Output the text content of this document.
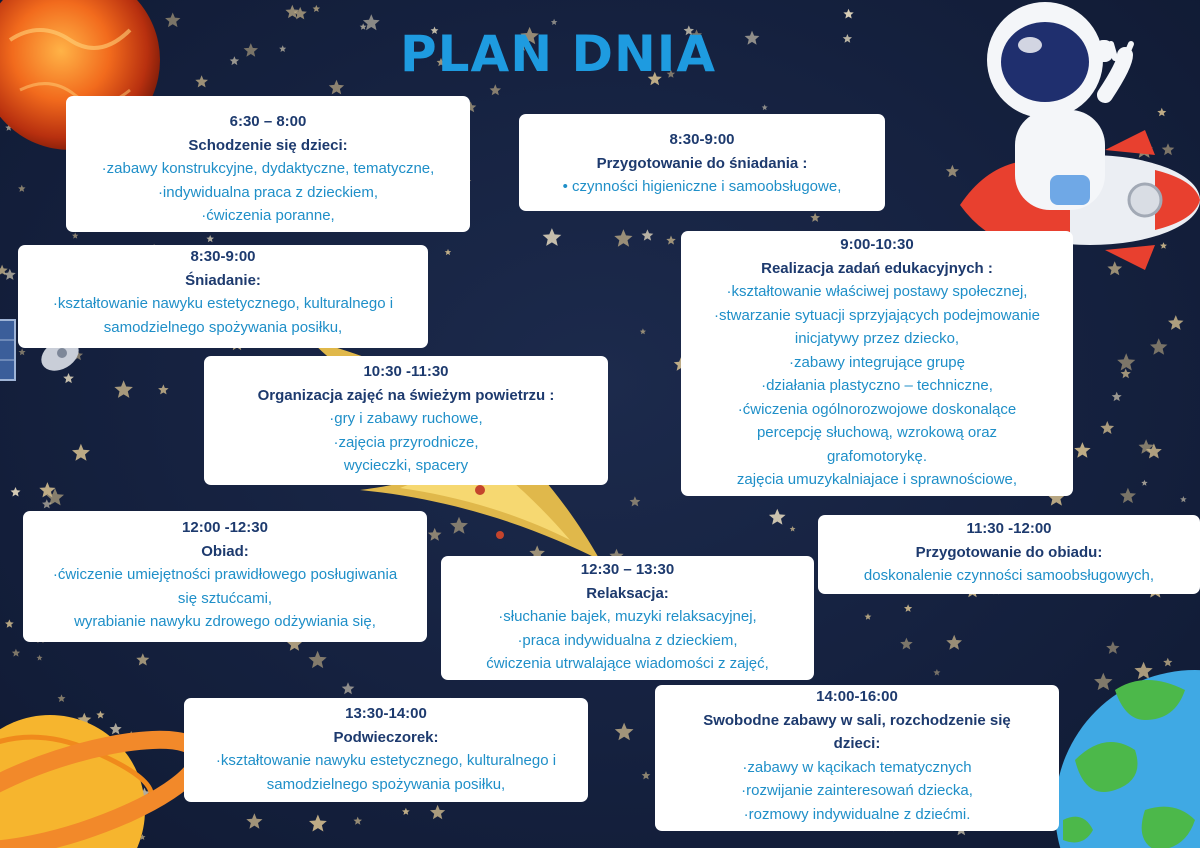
PLAN DNIA
6:30 – 8:00
Schodzenie się dzieci:
·zabawy konstrukcyjne, dydaktyczne, tematyczne,
·indywidualna praca z dzieckiem,
·ćwiczenia poranne,
8:30-9:00
Przygotowanie do śniadania :
• czynności higieniczne i samoobsługowe,
8:30-9:00
Śniadanie:
·kształtowanie nawyku estetycznego, kulturalnego i
samodzielnego spożywania posiłku,
9:00-10:30
Realizacja zadań edukacyjnych :
·kształtowanie właściwej postawy społecznej,
·stwarzanie sytuacji sprzyjających podejmowanie
inicjatywy przez dziecko,
·zabawy integrujące grupę
·działania plastyczno – techniczne,
·ćwiczenia ogólnorozwojowe doskonalące
percepcję słuchową, wzrokową oraz
grafomotorykę.
zajęcia umuzykalniajace i sprawnościowe,
10:30 -11:30
Organizacja zajęć na świeżym powietrzu :
·gry i zabawy ruchowe,
·zajęcia przyrodnicze,
wycieczki, spacery
11:30 -12:00
Przygotowanie do obiadu:
doskonalenie czynności samoobsługowych,
12:00 -12:30
Obiad:
·ćwiczenie umiejętności prawidłowego posługiwania
się sztućcami,
wyrabianie nawyku zdrowego odżywiania się,
12:30 – 13:30
Relaksacja:
·słuchanie bajek, muzyki relaksacyjnej,
·praca indywidualna z dzieckiem,
ćwiczenia utrwalające wiadomości z zajęć,
13:30-14:00
Podwieczorek:
·kształtowanie nawyku estetycznego, kulturalnego i
samodzielnego spożywania posiłku,
14:00-16:00
Swobodne zabawy w sali, rozchodzenie się dzieci:
·zabawy w kącikach tematycznych
·rozwijanie zainteresowań dziecka,
·rozmowy indywidualne z dziećmi.
